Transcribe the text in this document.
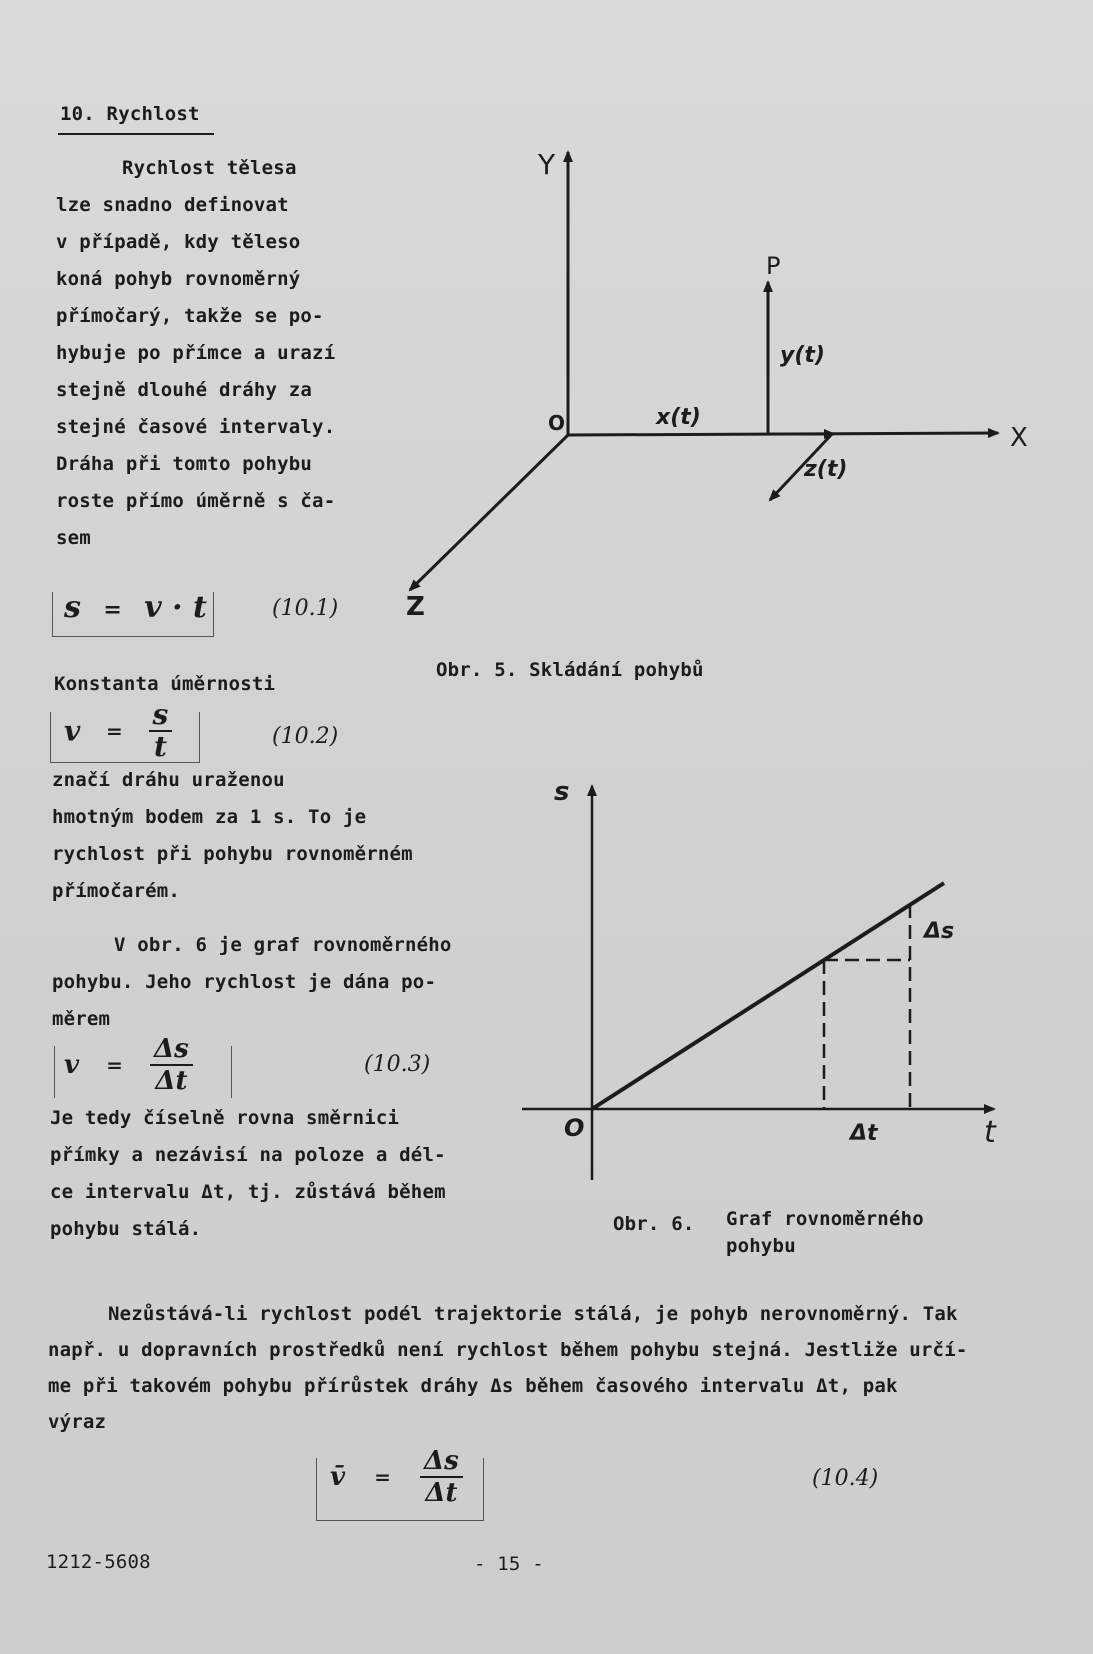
10. Rychlost
Rychlost tělesa
lze snadno definovat
v případě, kdy těleso
koná pohyb rovnoměrný
přímočarý, takže se po-
hybuje po přímce a urazí
stejně dlouhé dráhy za
stejné časové intervaly.
Dráha při tomto pohybu
roste přímo úměrně s ča-
sem
s = v · t	(10.1)
Konstanta úměrnosti
$v = \frac{s}{t}$	(10.2)
značí dráhu uraženou
hmotným bodem za 1 s. To je
rychlost při pohybu rovnoměrném
přímočarém.
V obr. 6 je graf rovnoměrného
pohybu. Jeho rychlost je dána po-
měrem
$v = \frac{\Delta s}{\Delta t}$	(10.3)
Je tedy číselně rovna směrnici
přímky a nezávisí na poloze a dél-
ce intervalu Δt, tj. zůstává během
pohybu stálá.
Y
X
Z
O
P
x(t)
y(t)
z(t)
Obr. 5. Skládání pohybů
s
t
O
Δs
Δt
Obr. 6. Graf rovnoměrného
pohybu
Nezůstává-li rychlost podél trajektorie stálá, je pohyb nerovnoměrný. Tak
např. u dopravních prostředků není rychlost během pohybu stejná. Jestliže určí-
me při takovém pohybu přírůstek dráhy Δs během časového intervalu Δt, pak
výraz
v̄ = $\frac{\Delta s}{\Delta t}$	(10.4)
1212-5608	- 15 -
